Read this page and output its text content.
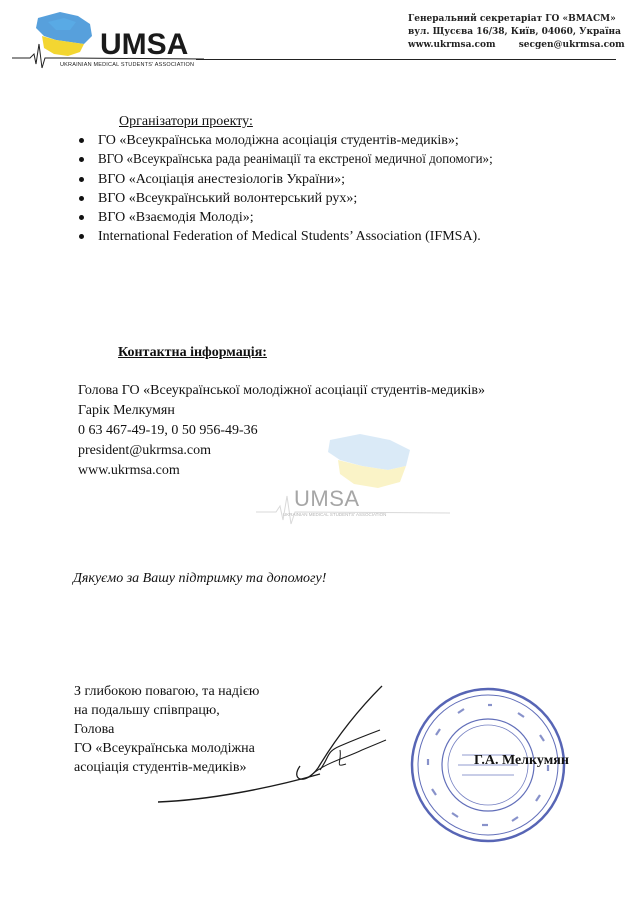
UMSA
UKRAINIAN MEDICAL STUDENTS' ASSOCIATION
Генеральний секретаріат ГО «ВМАСМ»
вул. Щусєва 16/38, Київ, 04060, Україна
www.ukrmsa.com	secgen@ukrmsa.com
Організатори проекту:
ГО «Всеукраїнська молодіжна асоціація студентів-медиків»;
ВГО «Всеукраїнська рада реанімації та екстреної медичної допомоги»;
ВГО «Асоціація анестезіологів України»;
ВГО «Всеукраїнський волонтерський рух»;
ВГО «Взаємодія Молоді»;
International Federation of Medical Students’ Association (IFMSA).
Контактна інформація:
Голова ГО «Всеукраїнської молодіжної асоціації студентів-медиків»
Гарік Мелкумян
0 63 467-49-19, 0 50 956-49-36
president@ukrmsa.com
www.ukrmsa.com
UMSA
UKRAINIAN MEDICAL STUDENTS' ASSOCIATION
Дякуємо за Вашу підтримку та допомогу!
З глибокою повагою, та надією
на подальшу співпрацю,
Голова
ГО «Всеукраїнська молодіжна
асоціація студентів-медиків»	Г.А. Мелкумян
